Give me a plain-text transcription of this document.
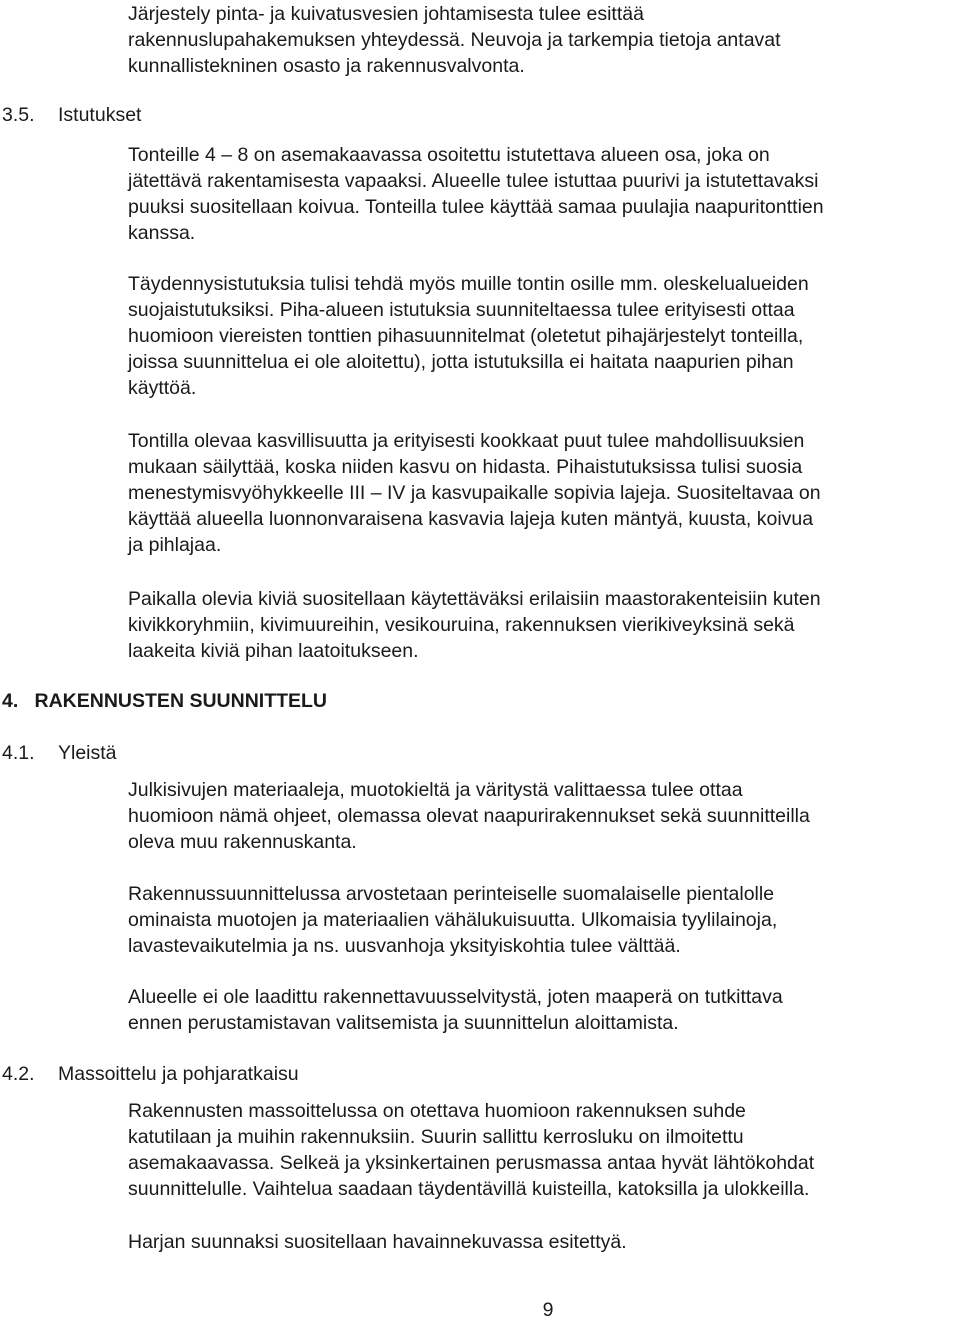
Järjestely pinta- ja kuivatusvesien johtamisesta tulee esittää
rakennuslupahakemuksen yhteydessä. Neuvoja ja tarkempia tietoja antavat
kunnallistekninen osasto ja rakennusvalvonta.
3.5. Istutukset
Tonteille 4 – 8 on asemakaavassa osoitettu istutettava alueen osa, joka on
jätettävä rakentamisesta vapaaksi. Alueelle tulee istuttaa puurivi ja istutettavaksi
puuksi suositellaan koivua. Tonteilla tulee käyttää samaa puulajia naapuritonttien
kanssa.
Täydennysistutuksia tulisi tehdä myös muille tontin osille mm. oleskelualueiden
suojaistutuksiksi. Piha-alueen istutuksia suunniteltaessa tulee erityisesti ottaa
huomioon viereisten tonttien pihasuunnitelmat (oletetut pihajärjestelyt tonteilla,
joissa suunnittelua ei ole aloitettu), jotta istutuksilla ei haitata naapurien pihan
käyttöä.
Tontilla olevaa kasvillisuutta ja erityisesti kookkaat puut tulee mahdollisuuksien
mukaan säilyttää, koska niiden kasvu on hidasta. Pihaistutuksissa tulisi suosia
menestymisvyöhykkeelle III – IV ja kasvupaikalle sopivia lajeja. Suositeltavaa on
käyttää alueella luonnonvaraisena kasvavia lajeja kuten mäntyä, kuusta, koivua
ja pihlajaa.
Paikalla olevia kiviä suositellaan käytettäväksi erilaisiin maastorakenteisiin kuten
kivikkoryhmiin, kivimuureihin, vesikouruina, rakennuksen vierikiveyksinä sekä
laakeita kiviä pihan laatoitukseen.
4.   RAKENNUSTEN SUUNNITTELU
4.1. Yleistä
Julkisivujen materiaaleja, muotokieltä ja väritystä valittaessa tulee ottaa
huomioon nämä ohjeet, olemassa olevat naapurirakennukset sekä suunnitteilla
oleva muu rakennuskanta.
Rakennussuunnittelussa arvostetaan perinteiselle suomalaiselle pientalolle
ominaista muotojen ja materiaalien vähälukuisuutta. Ulkomaisia tyylilainoja,
lavastevaikutelmia ja ns. uusvanhoja yksityiskohtia tulee välttää.
Alueelle ei ole laadittu rakennettavuusselvitystä, joten maaperä on tutkittava
ennen perustamistavan valitsemista ja suunnittelun aloittamista.
4.2. Massoittelu ja pohjaratkaisu
Rakennusten massoittelussa on otettava huomioon rakennuksen suhde
katutilaan ja muihin rakennuksiin. Suurin sallittu kerrosluku on ilmoitettu
asemakaavassa. Selkeä ja yksinkertainen perusmassa antaa hyvät lähtökohdat
suunnittelulle. Vaihtelua saadaan täydentävillä kuisteilla, katoksilla ja ulokkeilla.
Harjan suunnaksi suositellaan havainnekuvassa esitettyä.
9
